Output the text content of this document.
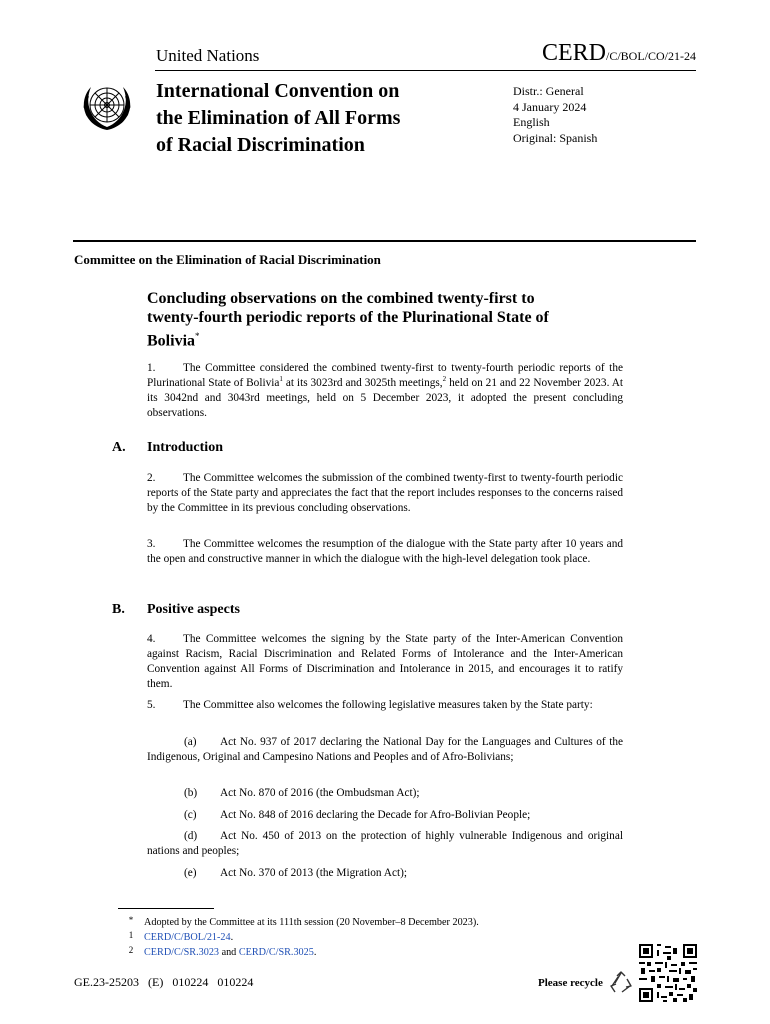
United Nations	CERD/C/BOL/CO/21-24
International Convention on
the Elimination of All Forms
of Racial Discrimination
Distr.: General
4 January 2024
English
Original: Spanish
Committee on the Elimination of Racial Discrimination
Concluding observations on the combined twenty-first to
twenty-fourth periodic reports of the Plurinational State of
Bolivia*

1. The Committee considered the combined twenty-first to twenty-fourth periodic reports of the Plurinational State of Bolivia$^1$ at its 3023rd and 3025th meetings,$^2$ held on 21 and 22 November 2023. At its 3042nd and 3043rd meetings, held on 5 December 2023, it adopted the present concluding observations.

A. Introduction

2. The Committee welcomes the submission of the combined twenty-first to twenty-fourth periodic reports of the State party and appreciates the fact that the report includes responses to the concerns raised by the Committee in its previous concluding observations.

3. The Committee welcomes the resumption of the dialogue with the State party after 10 years and the open and constructive manner in which the dialogue with the high-level delegation took place.

B. Positive aspects

4. The Committee welcomes the signing by the State party of the Inter-American Convention against Racism, Racial Discrimination and Related Forms of Intolerance and the Inter-American Convention against All Forms of Discrimination and Intolerance in 2015, and encourages it to ratify them.

5. The Committee also welcomes the following legislative measures taken by the State party:

(a) Act No. 937 of 2017 declaring the National Day for the Languages and Cultures of the Indigenous, Original and Campesino Nations and Peoples and of Afro-Bolivians;

(b) Act No. 870 of 2016 (the Ombudsman Act);

(c) Act No. 848 of 2016 declaring the Decade for Afro-Bolivian People;

(d) Act No. 450 of 2013 on the protection of highly vulnerable Indigenous and original nations and peoples;

(e) Act No. 370 of 2013 (the Migration Act);

* Adopted by the Committee at its 111th session (20 November–8 December 2023).
1 CERD/C/BOL/21-24.
2 CERD/C/SR.3023 and CERD/C/SR.3025.
GE.23-25203 (E) 010224 010224	Please recycle
